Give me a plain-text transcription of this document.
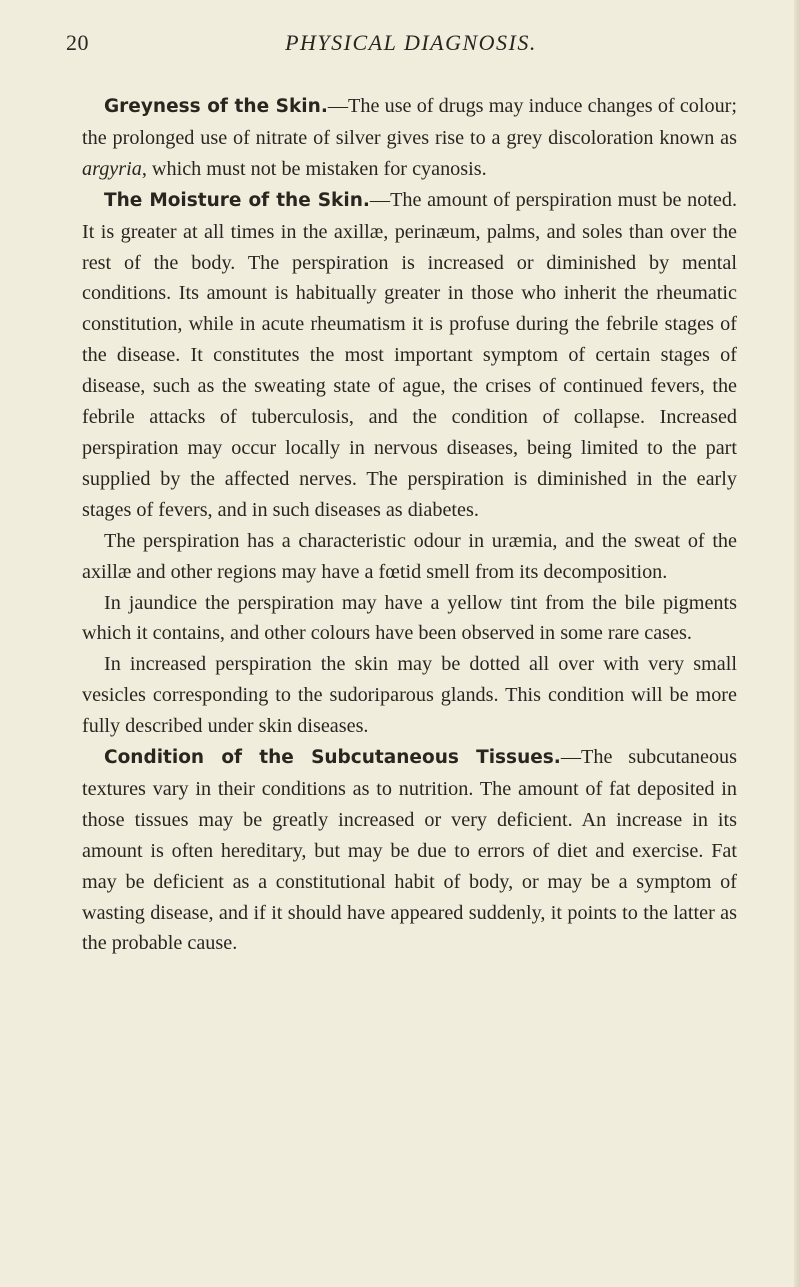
20	PHYSICAL DIAGNOSIS.

Greyness of the Skin.—The use of drugs may induce changes of colour; the prolonged use of nitrate of silver gives rise to a grey discoloration known as argyria, which must not be mistaken for cyanosis.

The Moisture of the Skin.—The amount of perspiration must be noted. It is greater at all times in the axillæ, perinæum, palms, and soles than over the rest of the body. The perspiration is increased or diminished by mental conditions. Its amount is habitually greater in those who inherit the rheumatic constitution, while in acute rheumatism it is profuse during the febrile stages of the disease. It constitutes the most important symptom of certain stages of disease, such as the sweating state of ague, the crises of continued fevers, the febrile attacks of tuberculosis, and the condition of collapse. Increased perspiration may occur locally in nervous diseases, being limited to the part supplied by the affected nerves. The perspiration is diminished in the early stages of fevers, and in such diseases as diabetes.

The perspiration has a characteristic odour in uræmia, and the sweat of the axillæ and other regions may have a fœtid smell from its decomposition.

In jaundice the perspiration may have a yellow tint from the bile pigments which it contains, and other colours have been observed in some rare cases.

In increased perspiration the skin may be dotted all over with very small vesicles corresponding to the sudoriparous glands. This condition will be more fully described under skin diseases.

Condition of the Subcutaneous Tissues.—The subcutaneous textures vary in their conditions as to nutrition. The amount of fat deposited in those tissues may be greatly increased or very deficient. An increase in its amount is often hereditary, but may be due to errors of diet and exercise. Fat may be deficient as a constitutional habit of body, or may be a symptom of wasting disease, and if it should have appeared suddenly, it points to the latter as the probable cause.
